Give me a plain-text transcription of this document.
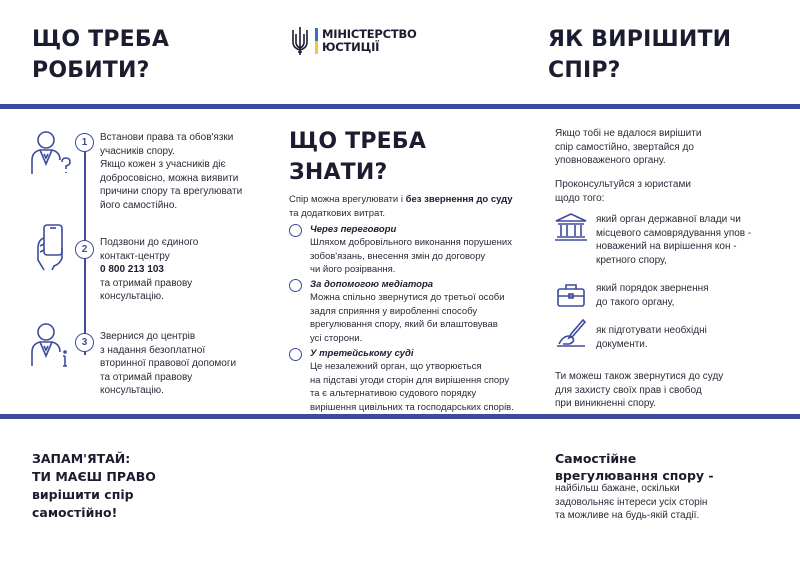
ЩО ТРЕБА
РОБИТИ?
МІНІСТЕРСТВО
ЮСТИЦІЇ	ЯК ВИРІШИТИ
СПІР?
1	Встанови права та обов'язки
учасників спору.
Якщо кожен з учасників діє
добросовісно, можна виявити
причини спору та врегулювати
його самостійно.
2
Подзвони до єдиного
контакт-центру
0 800 213 103
та отримай правову
консультацію.
3
Звернися до центрів
з надання безоплатної
вторинної правової допомоги
та отримай правову
консультацію.
ЩО ТРЕБА
ЗНАТИ?
Спір можна врегулювати і без звернення до суду
та додаткових витрат.
Через переговори
Шляхом добровільного виконання порушених
зобов'язань, внесення змін до договору
чи його розірвання.
За допомогою медіатора
Можна спільно звернутися до третьої особи
задля сприяння у виробленні способу
врегулювання спору, який би влаштовував
усі сторони.
У третейському суді
Це незалежний орган, що утворюється
на підставі угоди сторін для вирішення спору
та є альтернативою судового порядку
вирішення цивільних та господарських спорів.
Якщо тобі не вдалося вирішити
спір самостійно, звертайся до
уповноваженого органу.
Проконсультуйся з юристами
щодо того:
який орган державної влади чи
місцевого самоврядування упов -
новажений на вирішення кон -
кретного спору,
який порядок звернення
до такого органу,
як підготувати необхідні
документи.
Ти можеш також звернутися до суду
для захисту своїх прав і свобод
при виникненні спору.
ЗАПАМ'ЯТАЙ:
ТИ МАЄШ ПРАВО
вирішити спір
самостійно!
Самостійне
врегулювання спору -
найбільш бажане, оскільки
задовольняє інтереси усіх сторін
та можливе на будь-якій стадії.
